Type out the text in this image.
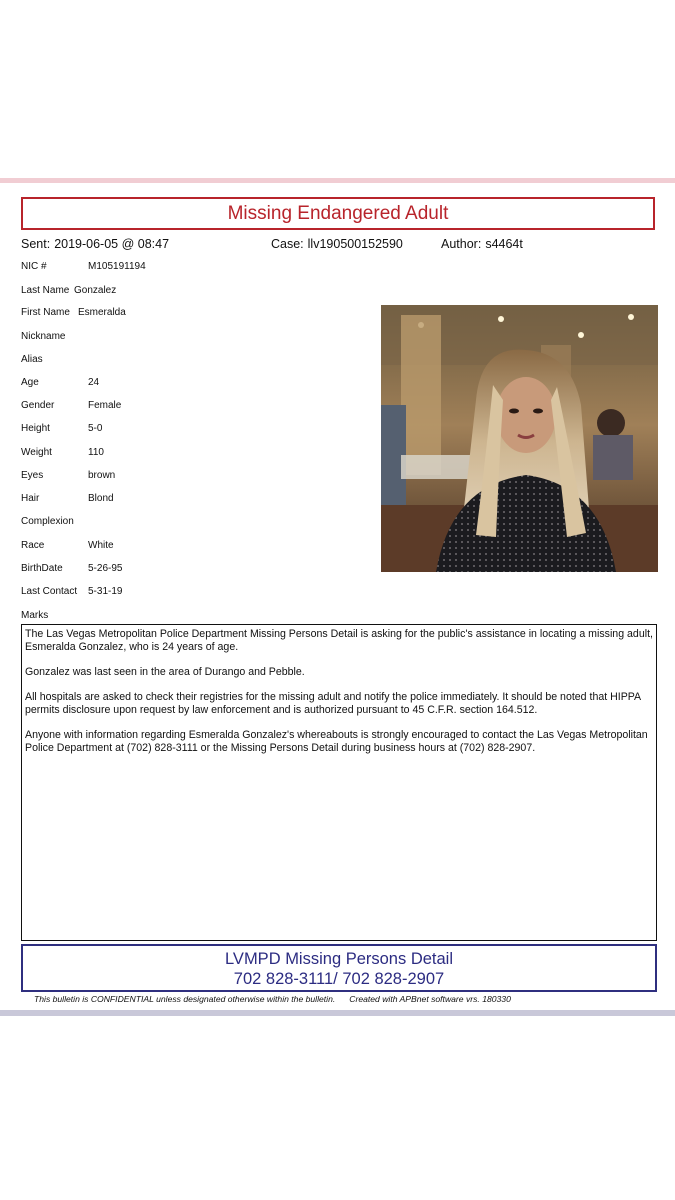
Missing Endangered Adult
Sent: 2019-06-05 @ 08:47	Case: llv190500152590	Author: s4464t
NIC #	M105191194
Last Name Gonzalez
First Name Esmeralda
Nickname
Alias
Age	24
Gender	Female
Height	5-0
Weight	110
Eyes	brown
Hair	Blond
Complexion
Race	White
BirthDate	5-26-95
Last Contact 5-31-19
Marks

The Las Vegas Metropolitan Police Department Missing Persons Detail is asking for the public's assistance in locating a missing adult, Esmeralda Gonzalez, who is 24 years of age.

Gonzalez was last seen in the area of Durango and Pebble.

All hospitals are asked to check their registries for the missing adult and notify the police immediately. It should be noted that HIPPA permits disclosure upon request by law enforcement and is authorized pursuant to 45 C.F.R. section 164.512.

Anyone with information regarding Esmeralda Gonzalez's whereabouts is strongly encouraged to contact the Las Vegas Metropolitan Police Department at (702) 828-3111 or the Missing Persons Detail during business hours at (702) 828-2907.

LVMPD Missing Persons Detail
702 828-3111/ 702 828-2907
This bulletin is CONFIDENTIAL unless designated otherwise within the bulletin. Created with APBnet software vrs. 180330
